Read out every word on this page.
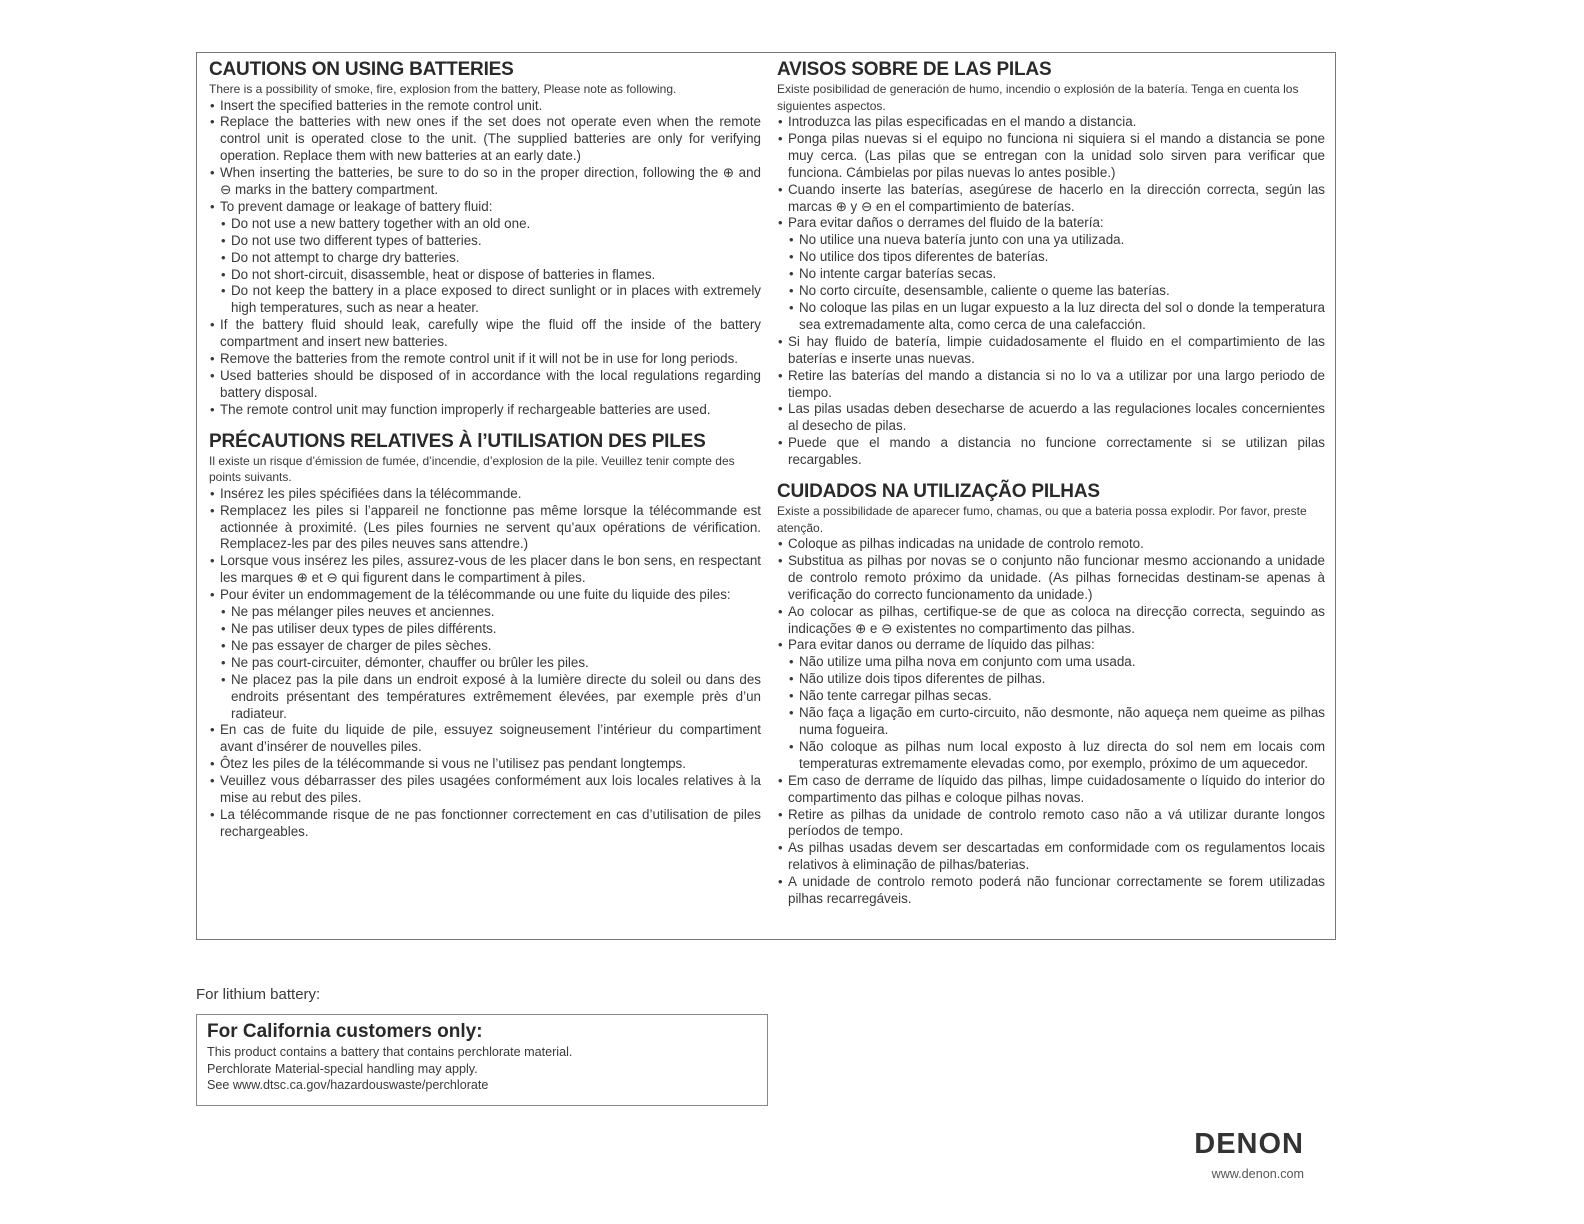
CAUTIONS ON USING BATTERIES

There is a possibility of smoke, fire, explosion from the battery, Please note as following.

• Insert the specified batteries in the remote control unit.
• Replace the batteries with new ones if the set does not operate even when the remote control unit is operated close to the unit. (The supplied batteries are only for verifying operation. Replace them with new batteries at an early date.)
• When inserting the batteries, be sure to do so in the proper direction, following the ⊕ and ⊖ marks in the battery compartment.
• To prevent damage or leakage of battery fluid:
• Do not use a new battery together with an old one.
• Do not use two different types of batteries.
• Do not attempt to charge dry batteries.
• Do not short-circuit, disassemble, heat or dispose of batteries in flames.
• Do not keep the battery in a place exposed to direct sunlight or in places with extremely high temperatures, such as near a heater.
• If the battery fluid should leak, carefully wipe the fluid off the inside of the battery compartment and insert new batteries.
• Remove the batteries from the remote control unit if it will not be in use for long periods.
• Used batteries should be disposed of in accordance with the local regulations regarding battery disposal.
• The remote control unit may function improperly if rechargeable batteries are used.
PRÉCAUTIONS RELATIVES À l’UTILISATION DES PILES

Il existe un risque d’émission de fumée, d’incendie, d’explosion de la pile. Veuillez tenir compte des points suivants.

• Insérez les piles spécifiées dans la télécommande.
• Remplacez les piles si l’appareil ne fonctionne pas même lorsque la télécommande est actionnée à proximité. (Les piles fournies ne servent qu’aux opérations de vérification. Remplacez-les par des piles neuves sans attendre.)
• Lorsque vous insérez les piles, assurez-vous de les placer dans le bon sens, en respectant les marques ⊕ et ⊖ qui figurent dans le compartiment à piles.
• Pour éviter un endommagement de la télécommande ou une fuite du liquide des piles:
• Ne pas mélanger piles neuves et anciennes.
• Ne pas utiliser deux types de piles différents.
• Ne pas essayer de charger de piles sèches.
• Ne pas court-circuiter, démonter, chauffer ou brûler les piles.
• Ne placez pas la pile dans un endroit exposé à la lumière directe du soleil ou dans des endroits présentant des températures extrêmement élevées, par exemple près d’un radiateur.
• En cas de fuite du liquide de pile, essuyez soigneusement l’intérieur du compartiment avant d’insérer de nouvelles piles.
• Ôtez les piles de la télécommande si vous ne l’utilisez pas pendant longtemps.
• Veuillez vous débarrasser des piles usagées conformément aux lois locales relatives à la mise au rebut des piles.
• La télécommande risque de ne pas fonctionner correctement en cas d’utilisation de piles rechargeables.
AVISOS SOBRE DE LAS PILAS

Existe posibilidad de generación de humo, incendio o explosión de la batería. Tenga en cuenta los siguientes aspectos.

• Introduzca las pilas especificadas en el mando a distancia.
• Ponga pilas nuevas si el equipo no funciona ni siquiera si el mando a distancia se pone muy cerca. (Las pilas que se entregan con la unidad solo sirven para verificar que funciona. Cámbielas por pilas nuevas lo antes posible.)
• Cuando inserte las baterías, asegúrese de hacerlo en la dirección correcta, según las marcas ⊕ y ⊖ en el compartimiento de baterías.
• Para evitar daños o derrames del fluido de la batería:
• No utilice una nueva batería junto con una ya utilizada.
• No utilice dos tipos diferentes de baterías.
• No intente cargar baterías secas.
• No corto circuíte, desensamble, caliente o queme las baterías.
• No coloque las pilas en un lugar expuesto a la luz directa del sol o donde la temperatura sea extremadamente alta, como cerca de una calefacción.
• Si hay fluido de batería, limpie cuidadosamente el fluido en el compartimiento de las baterías e inserte unas nuevas.
• Retire las baterías del mando a distancia si no lo va a utilizar por una largo periodo de tiempo.
• Las pilas usadas deben desecharse de acuerdo a las regulaciones locales concernientes al desecho de pilas.
• Puede que el mando a distancia no funcione correctamente si se utilizan pilas recargables.
CUIDADOS NA UTILIZAÇÃO PILHAS

Existe a possibilidade de aparecer fumo, chamas, ou que a bateria possa explodir. Por favor, preste atenção.

• Coloque as pilhas indicadas na unidade de controlo remoto.
• Substitua as pilhas por novas se o conjunto não funcionar mesmo accionando a unidade de controlo remoto próximo da unidade. (As pilhas fornecidas destinam-se apenas à verificação do correcto funcionamento da unidade.)
• Ao colocar as pilhas, certifique-se de que as coloca na direcção correcta, seguindo as indicações ⊕ e ⊖ existentes no compartimento das pilhas.
• Para evitar danos ou derrame de líquido das pilhas:
• Não utilize uma pilha nova em conjunto com uma usada.
• Não utilize dois tipos diferentes de pilhas.
• Não tente carregar pilhas secas.
• Não faça a ligação em curto-circuito, não desmonte, não aqueça nem queime as pilhas numa fogueira.
• Não coloque as pilhas num local exposto à luz directa do sol nem em locais com temperaturas extremamente elevadas como, por exemplo, próximo de um aquecedor.
• Em caso de derrame de líquido das pilhas, limpe cuidadosamente o líquido do interior do compartimento das pilhas e coloque pilhas novas.
• Retire as pilhas da unidade de controlo remoto caso não a vá utilizar durante longos períodos de tempo.
• As pilhas usadas devem ser descartadas em conformidade com os regulamentos locais relativos à eliminação de pilhas/baterias.
• A unidade de controlo remoto poderá não funcionar correctamente se forem utilizadas pilhas recarregáveis.
For lithium battery:
For California customers only:
This product contains a battery that contains perchlorate material.
Perchlorate Material-special handling may apply.
See www.dtsc.ca.gov/hazardouswaste/perchlorate
DENON
www.denon.com
